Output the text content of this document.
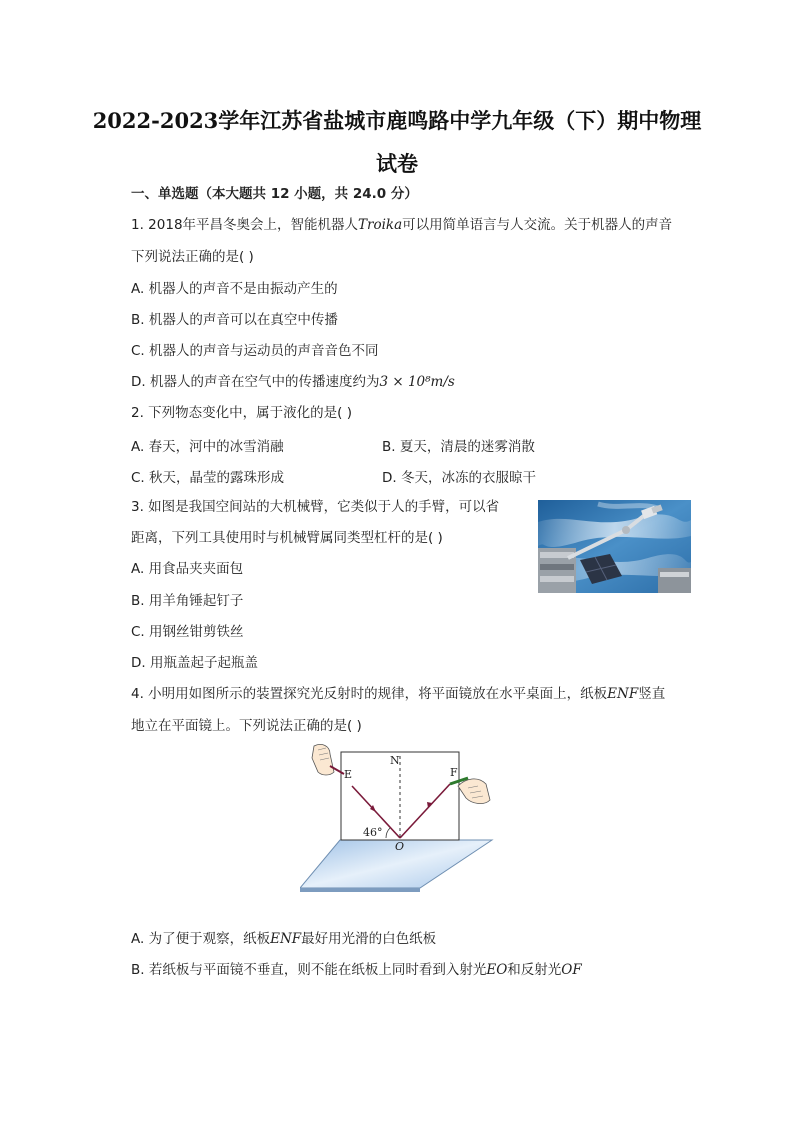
2022-2023学年江苏省盐城市鹿鸣路中学九年级（下）期中物理
试卷
一、单选题（本大题共 12 小题，共 24.0 分）
1. 2018年平昌冬奥会上，智能机器人Troika可以用简单语言与人交流。关于机器人的声音
下列说法正确的是( )
A. 机器人的声音不是由振动产生的
B. 机器人的声音可以在真空中传播
C. 机器人的声音与运动员的声音音色不同
D. 机器人的声音在空气中的传播速度约为3 × 10⁸m/s
2. 下列物态变化中，属于液化的是( )
A. 春天，河中的冰雪消融	B. 夏天，清晨的迷雾消散
C. 秋天，晶莹的露珠形成	D. 冬天，冰冻的衣服晾干
3. 如图是我国空间站的大机械臂，它类似于人的手臂，可以省
距离，下列工具使用时与机械臂属同类型杠杆的是( )
A. 用食品夹夹面包
B. 用羊角锤起钉子
C. 用钢丝钳剪铁丝
D. 用瓶盖起子起瓶盖
4. 小明用如图所示的装置探究光反射时的规律，将平面镜放在水平桌面上，纸板ENF竖直
地立在平面镜上。下列说法正确的是( )
E
N
F
O
46°
A. 为了便于观察，纸板ENF最好用光滑的白色纸板
B. 若纸板与平面镜不垂直，则不能在纸板上同时看到入射光EO和反射光OF
